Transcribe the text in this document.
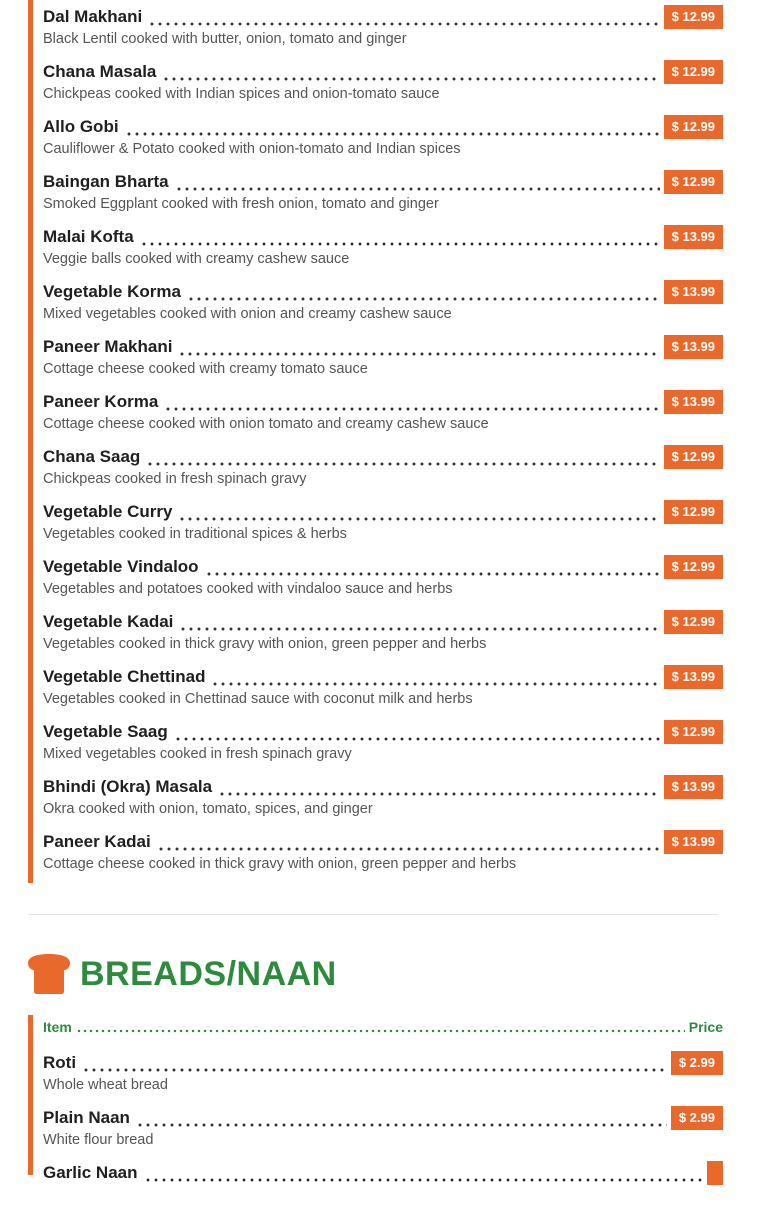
Dal Makhani	$ 12.99
Black Lentil cooked with butter, onion, tomato and ginger
Chana Masala	$ 12.99
Chickpeas cooked with Indian spices and onion-tomato sauce
Allo Gobi	$ 12.99
Cauliflower & Potato cooked with onion-tomato and Indian spices
Baingan Bharta	$ 12.99
Smoked Eggplant cooked with fresh onion, tomato and ginger
Malai Kofta	$ 13.99
Veggie balls cooked with creamy cashew sauce
Vegetable Korma	$ 13.99
Mixed vegetables cooked with onion and creamy cashew sauce
Paneer Makhani	$ 13.99
Cottage cheese cooked with creamy tomato sauce
Paneer Korma	$ 13.99
Cottage cheese cooked with onion tomato and creamy cashew sauce
Chana Saag	$ 12.99
Chickpeas cooked in fresh spinach gravy
Vegetable Curry	$ 12.99
Vegetables cooked in traditional spices & herbs
Vegetable Vindaloo	$ 12.99
Vegetables and potatoes cooked with vindaloo sauce and herbs
Vegetable Kadai	$ 12.99
Vegetables cooked in thick gravy with onion, green pepper and herbs
Vegetable Chettinad	$ 13.99
Vegetables cooked in Chettinad sauce with coconut milk and herbs
Vegetable Saag	$ 12.99
Mixed vegetables cooked in fresh spinach gravy
Bhindi (Okra) Masala	$ 13.99
Okra cooked with onion, tomato, spices, and ginger
Paneer Kadai	$ 13.99
Cottage cheese cooked in thick gravy with onion, green pepper and herbs
BREADS/NAAN
Item	Price
Roti	$ 2.99
Whole wheat bread
Plain Naan	$ 2.99
White flour bread
Garlic Naan
